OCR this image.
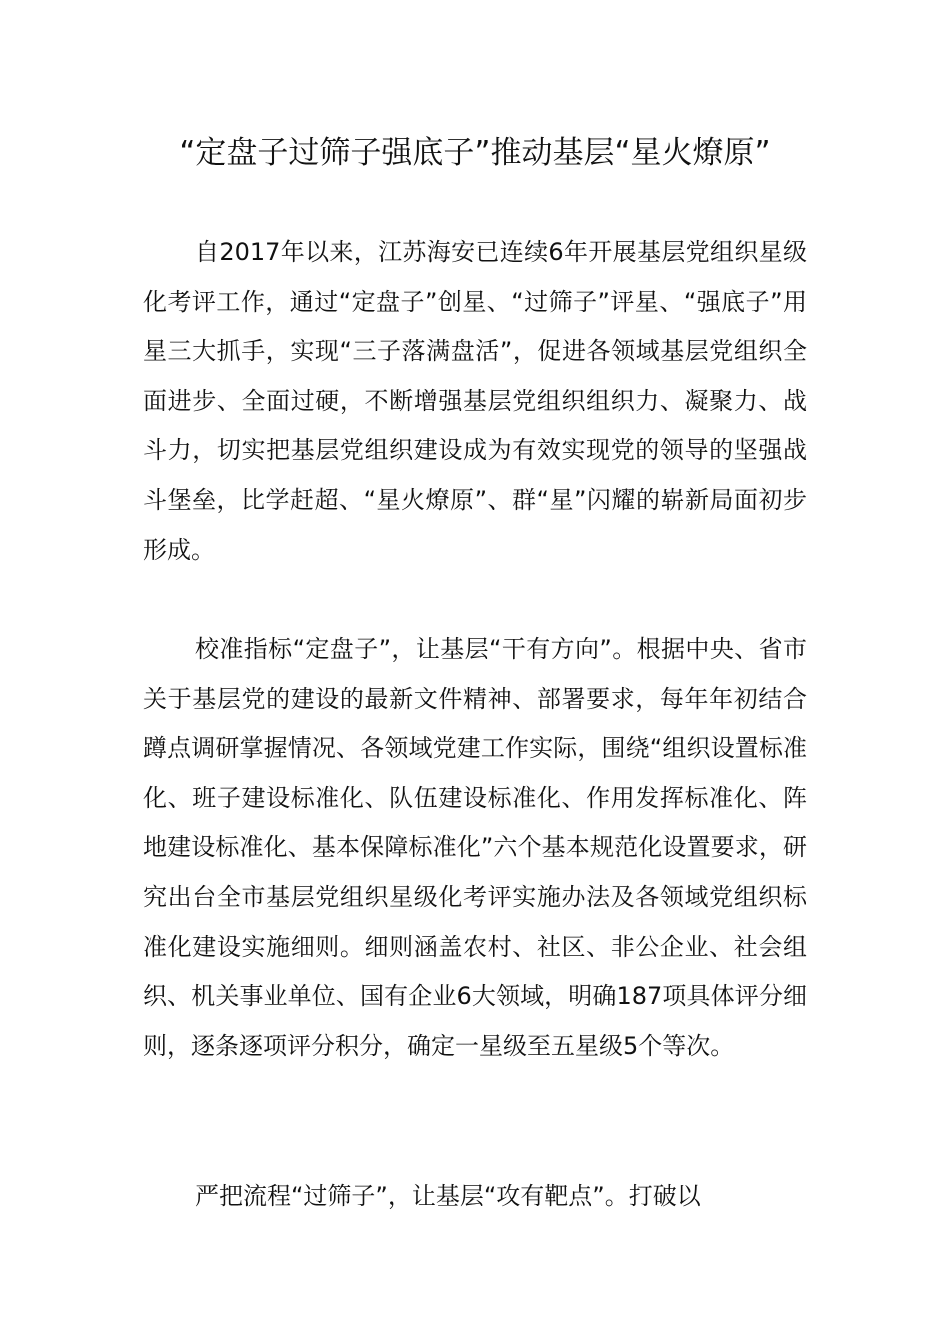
“定盘子过筛子强底子”推动基层“星火燎原”

自2017年以来，江苏海安已连续6年开展基层党组织星级化考评工作，通过“定盘子”创星、“过筛子”评星、“强底子”用星三大抓手，实现“三子落满盘活”，促进各领域基层党组织全面进步、全面过硬，不断增强基层党组织组织力、凝聚力、战斗力，切实把基层党组织建设成为有效实现党的领导的坚强战斗堡垒，比学赶超、“星火燎原”、群“星”闪耀的崭新局面初步形成。

校准指标“定盘子”，让基层“干有方向”。根据中央、省市关于基层党的建设的最新文件精神、部署要求，每年年初结合蹲点调研掌握情况、各领域党建工作实际，围绕“组织设置标准化、班子建设标准化、队伍建设标准化、作用发挥标准化、阵地建设标准化、基本保障标准化”六个基本规范化设置要求，研究出台全市基层党组织星级化考评实施办法及各领域党组织标准化建设实施细则。细则涵盖农村、社区、非公企业、社会组织、机关事业单位、国有企业6大领域，明确187项具体评分细则，逐条逐项评分积分，确定一星级至五星级5个等次。

严把流程“过筛子”，让基层“攻有靶点”。打破以
